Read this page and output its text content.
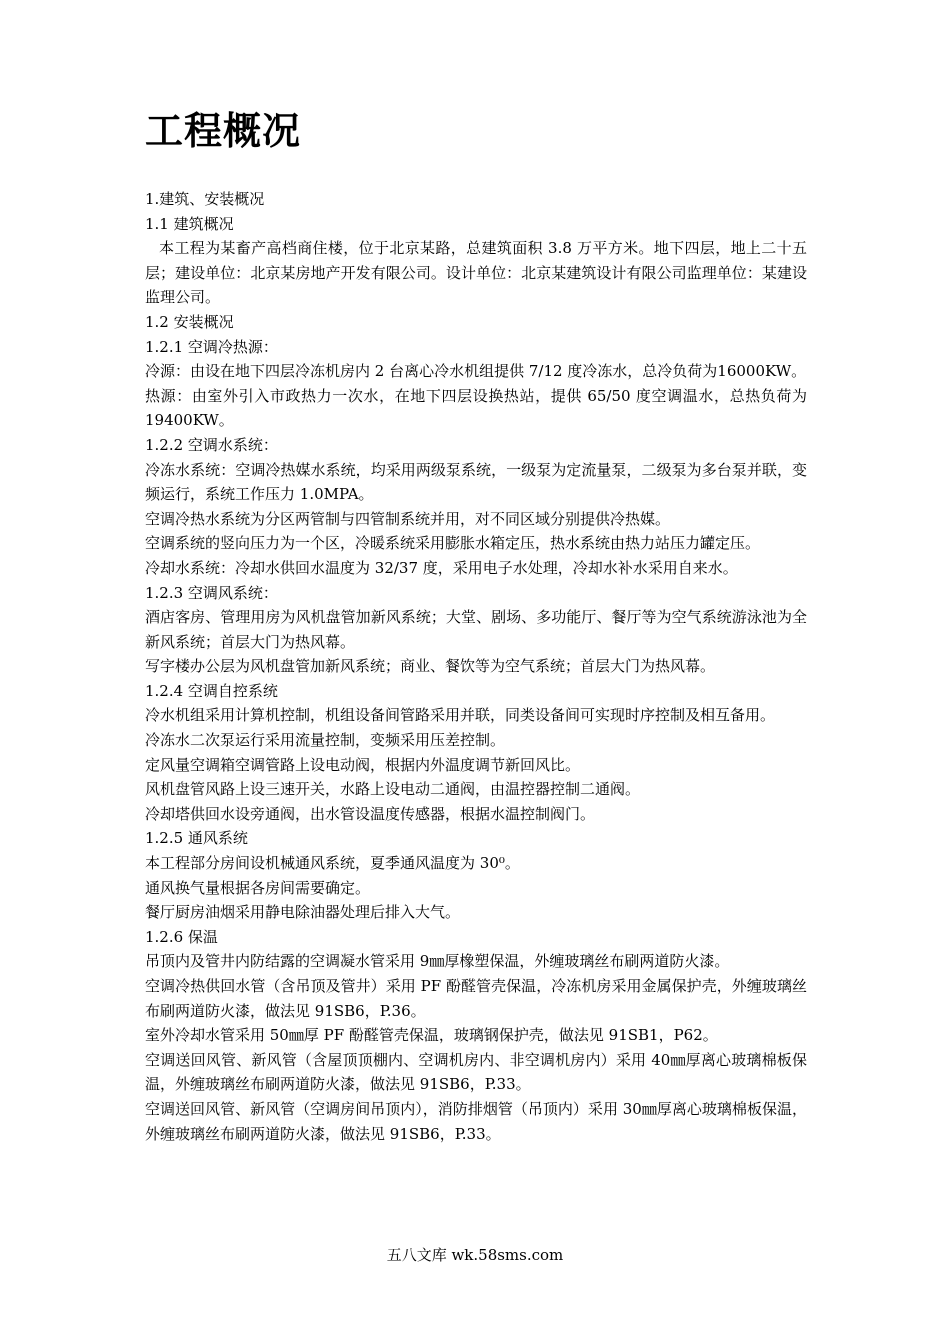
工程概况

1.建筑、安装概况

1.1 建筑概况

本工程为某畜产高档商住楼，位于北京某路，总建筑面积 3.8 万平方米。地下四层，地上二十五层；建设单位：北京某房地产开发有限公司。设计单位：北京某建筑设计有限公司监理单位：某建设监理公司。

1.2 安装概况

1.2.1 空调冷热源：

冷源：由设在地下四层冷冻机房内 2 台离心冷水机组提供 7/12 度冷冻水，总冷负荷为16000KW。

热源：由室外引入市政热力一次水，在地下四层设换热站，提供 65/50 度空调温水，总热负荷为 19400KW。

1.2.2 空调水系统：

冷冻水系统：空调冷热媒水系统，均采用两级泵系统，一级泵为定流量泵，二级泵为多台泵并联，变频运行，系统工作压力 1.0MPA。

空调冷热水系统为分区两管制与四管制系统并用，对不同区域分别提供冷热媒。

空调系统的竖向压力为一个区，冷暖系统采用膨胀水箱定压，热水系统由热力站压力罐定压。

冷却水系统：冷却水供回水温度为 32/37 度，采用电子水处理，冷却水补水采用自来水。

1.2.3 空调风系统：

酒店客房、管理用房为风机盘管加新风系统；大堂、剧场、多功能厅、餐厅等为空气系统游泳池为全新风系统；首层大门为热风幕。

写字楼办公层为风机盘管加新风系统；商业、餐饮等为空气系统；首层大门为热风幕。

1.2.4 空调自控系统

冷水机组采用计算机控制，机组设备间管路采用并联，同类设备间可实现时序控制及相互备用。

冷冻水二次泵运行采用流量控制，变频采用压差控制。

定风量空调箱空调管路上设电动阀，根据内外温度调节新回风比。

风机盘管风路上设三速开关，水路上设电动二通阀，由温控器控制二通阀。

冷却塔供回水设旁通阀，出水管设温度传感器，根据水温控制阀门。

1.2.5 通风系统

本工程部分房间设机械通风系统，夏季通风温度为 30⁰。

通风换气量根据各房间需要确定。

餐厅厨房油烟采用静电除油器处理后排入大气。

1.2.6 保温

吊顶内及管井内防结露的空调凝水管采用 9㎜厚橡塑保温，外缠玻璃丝布刷两道防火漆。

空调冷热供回水管（含吊顶及管井）采用 PF 酚醛管壳保温，冷冻机房采用金属保护壳，外缠玻璃丝布刷两道防火漆，做法见 91SB6，P.36。

室外冷却水管采用 50㎜厚 PF 酚醛管壳保温，玻璃钢保护壳，做法见 91SB1，P62。

空调送回风管、新风管（含屋顶顶棚内、空调机房内、非空调机房内）采用 40㎜厚离心玻璃棉板保温，外缠玻璃丝布刷两道防火漆，做法见 91SB6，P.33。

空调送回风管、新风管（空调房间吊顶内），消防排烟管（吊顶内）采用 30㎜厚离心玻璃棉板保温，外缠玻璃丝布刷两道防火漆，做法见 91SB6，P.33。

五八文库 wk.58sms.com
